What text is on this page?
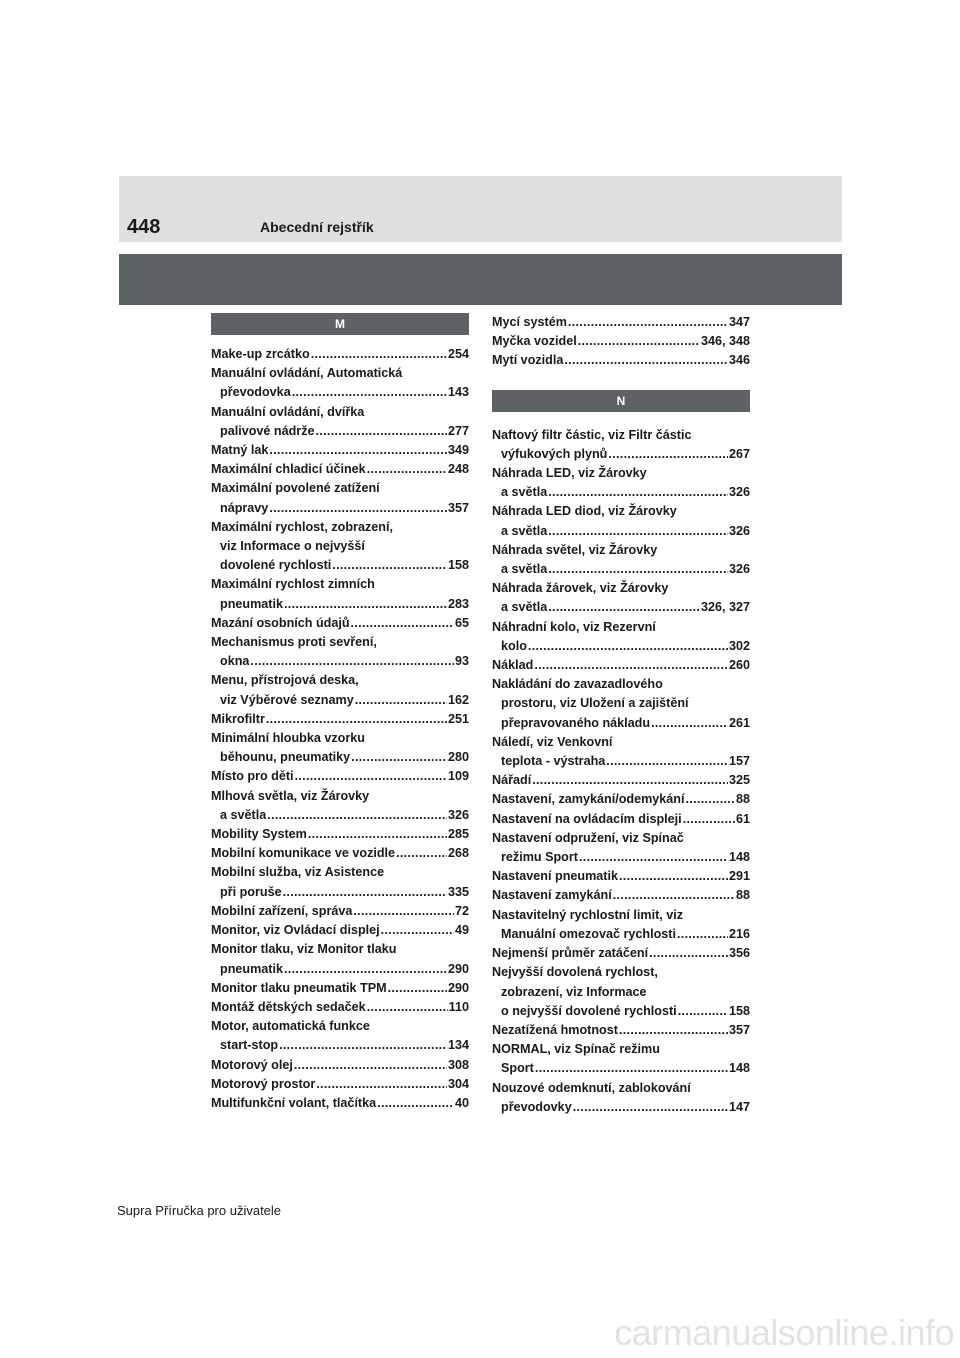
448	Abecední rejstřík
M
Make-up zrcátko .....	254
Manuální ovládání, Automatická
převodovka .....	143
Manuální ovládání, dvířka
palivové nádrže .....	277
Matný lak .....	349
Maximální chladicí účinek .....	248
Maximální povolené zatížení
nápravy .....	357
Maximální rychlost, zobrazení,
viz Informace o nejvyšší
dovolené rychlosti .....	158
Maximální rychlost zimních
pneumatik .....	283
Mazání osobních údajů .....	65
Mechanismus proti sevření,
okna .....	93
Menu, přístrojová deska,
viz Výběrové seznamy .....	162
Mikrofiltr .....	251
Minimální hloubka vzorku
běhounu, pneumatiky .....	280
Místo pro děti .....	109
Mlhová světla, viz Žárovky
a světla .....	326
Mobility System .....	285
Mobilní komunikace ve vozidle .....	268
Mobilní služba, viz Asistence
při poruše .....	335
Mobilní zařízení, správa .....	72
Monitor, viz Ovládací displej .....	49
Monitor tlaku, viz Monitor tlaku
pneumatik .....	290
Monitor tlaku pneumatik TPM .....	290
Montáž dětských sedaček .....	110
Motor, automatická funkce
start-stop .....	134
Motorový olej .....	308
Motorový prostor .....	304
Multifunkční volant, tlačítka .....	40
Mycí systém .....	347
Myčka vozidel .....	346, 348
Mytí vozidla .....	346
N
Naftový filtr částic, viz Filtr částic
výfukových plynů .....	267
Náhrada LED, viz Žárovky
a světla .....	326
Náhrada LED diod, viz Žárovky
a světla .....	326
Náhrada světel, viz Žárovky
a světla .....	326
Náhrada žárovek, viz Žárovky
a světla .....	326, 327
Náhradní kolo, viz Rezervní
kolo .....	302
Náklad .....	260
Nakládání do zavazadlového
prostoru, viz Uložení a zajištění
přepravovaného nákladu .....	261
Náledí, viz Venkovní
teplota - výstraha .....	157
Nářadí .....	325
Nastavení, zamykání/odemykání .....	88
Nastavení na ovládacím displeji .....	61
Nastavení odpružení, viz Spínač
režimu Sport .....	148
Nastavení pneumatik .....	291
Nastavení zamykání .....	88
Nastavitelný rychlostní limit, viz
Manuální omezovač rychlosti .....	216
Nejmenší průměr zatáčení .....	356
Nejvyšší dovolená rychlost,
zobrazení, viz Informace
o nejvyšší dovolené rychlosti .....	158
Nezatížená hmotnost .....	357
NORMAL, viz Spínač režimu
Sport .....	148
Nouzové odemknutí, zablokování
převodovky .....	147
Supra Příručka pro uživatele
carmanualsonline.info
